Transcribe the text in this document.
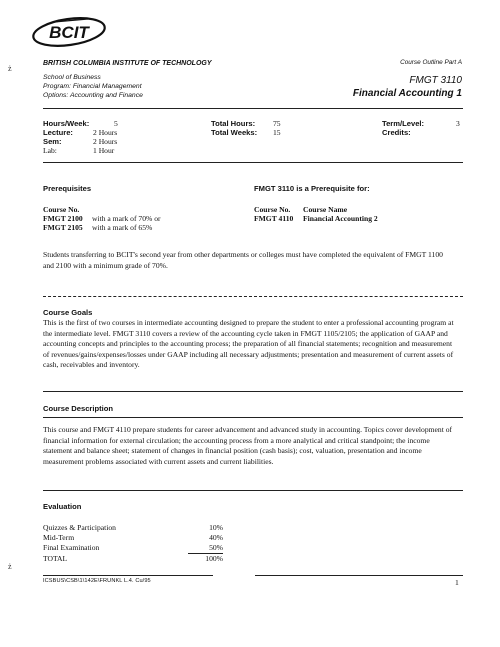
BCIT
ż
ż
BRITISH COLUMBIA INSTITUTE OF TECHNOLOGY
School of Business
Program: Financial Management
Options: Accounting and Finance
Course Outline Part A
FMGT 3110
Financial Accounting 1
Hours/Week:	5
Lecture:	2 Hours
Sem:	2 Hours
Lab:	1 Hour
Total Hours: 75
Total Weeks: 15
Term/Level:	3
Credits:
Prerequisites
Course No.
FMGT 2100 with a mark of 70% or
FMGT 2105 with a mark of 65%
FMGT 3110 is a Prerequisite for:
Course No. Course Name
FMGT 4110 Financial Accounting 2
Students transferring to BCIT's second year from other departments or colleges must have completed the equivalent of FMGT 1100 and 2100 with a minimum grade of 70%.
Course Goals
This is the first of two courses in intermediate accounting designed to prepare the student to enter a professional accounting program at the intermediate level. FMGT 3110 covers a review of the accounting cycle taken in FMGT 1105/2105; the application of GAAP and accounting concepts and principles to the accounting process; the preparation of all financial statements; recognition and measurement of revenues/gains/expenses/losses under GAAP including all necessary adjustments; presentation and measurement of current assets of cash, receivables and inventory.
Course Description
This course and FMGT 4110 prepare students for career advancement and advanced study in accounting. Topics cover development of financial information for external circulation; the accounting process from a more analytical and critical standpoint; the income statement and balance sheet; statement of changes in financial position (cash basis); cost, valuation, presentation and income measurement problems associated with current assets and current liabilities.
Evaluation
Quizzes & Participation	10%
Mid-Term	40%
Final Examination	50%
TOTAL	100%
ICSBUS\CSB\1\142E\FRUNKL L.4. Cu/95	1
